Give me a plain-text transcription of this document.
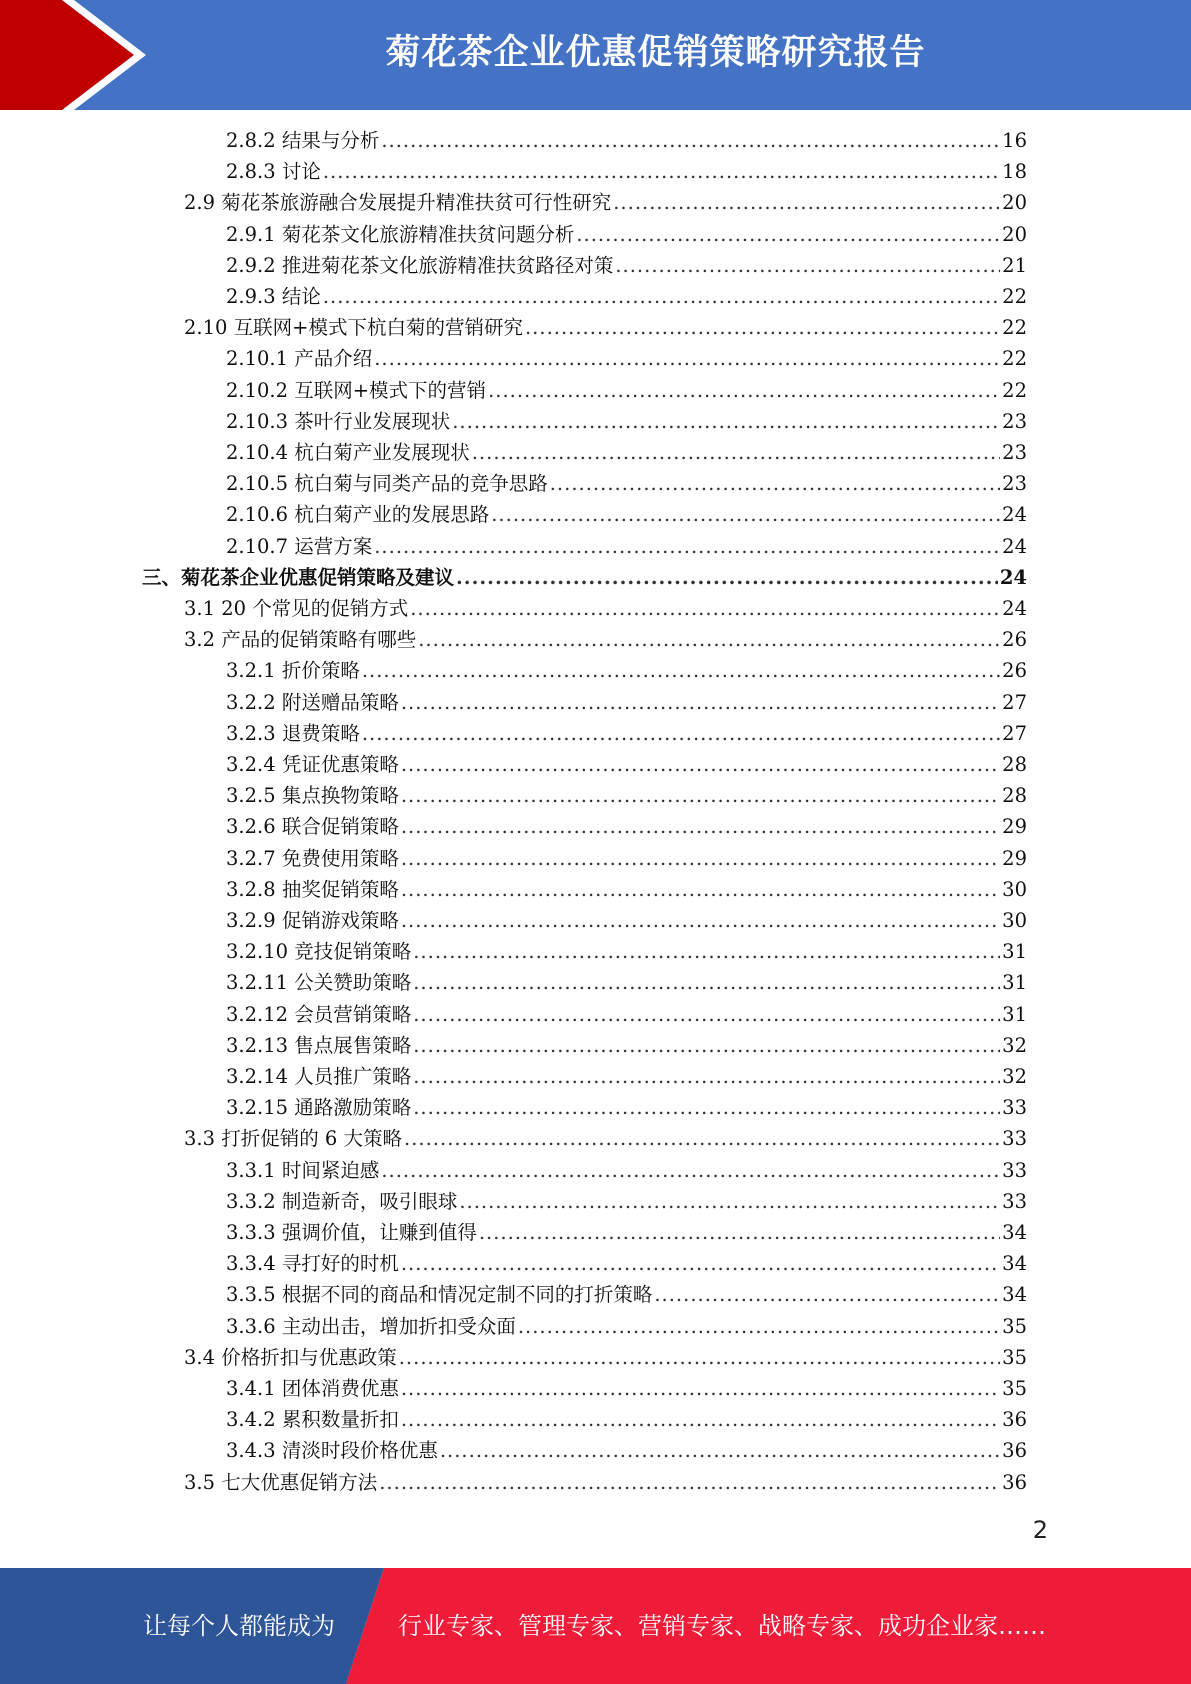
菊花茶企业优惠促销策略研究报告
2.8.2 结果与分析 .....	16
2.8.3 讨论 .....	18
2.9 菊花茶旅游融合发展提升精准扶贫可行性研究 .....	20
2.9.1 菊花茶文化旅游精准扶贫问题分析 .....	20
2.9.2 推进菊花茶文化旅游精准扶贫路径对策 .....	21
2.9.3 结论 .....	22
2.10 互联网+模式下杭白菊的营销研究 .....	22
2.10.1 产品介绍 .....	22
2.10.2 互联网+模式下的营销 .....	22
2.10.3 茶叶行业发展现状 .....	23
2.10.4 杭白菊产业发展现状 .....	23
2.10.5 杭白菊与同类产品的竞争思路 .....	23
2.10.6 杭白菊产业的发展思路 .....	24
2.10.7 运营方案 .....	24
三、菊花茶企业优惠促销策略及建议 .....	24
3.1 20 个常见的促销方式 .....	24
3.2 产品的促销策略有哪些 .....	26
3.2.1 折价策略 .....	26
3.2.2 附送赠品策略 .....	27
3.2.3 退费策略 .....	27
3.2.4 凭证优惠策略 .....	28
3.2.5 集点换物策略 .....	28
3.2.6 联合促销策略 .....	29
3.2.7 免费使用策略 .....	29
3.2.8 抽奖促销策略 .....	30
3.2.9 促销游戏策略 .....	30
3.2.10 竞技促销策略 .....	31
3.2.11 公关赞助策略 .....	31
3.2.12 会员营销策略 .....	31
3.2.13 售点展售策略 .....	32
3.2.14 人员推广策略 .....	32
3.2.15 通路激励策略 .....	33
3.3 打折促销的 6 大策略 .....	33
3.3.1 时间紧迫感 .....	33
3.3.2 制造新奇，吸引眼球 .....	33
3.3.3 强调价值，让赚到值得 .....	34
3.3.4 寻打好的时机 .....	34
3.3.5 根据不同的商品和情况定制不同的打折策略 .....	34
3.3.6 主动出击，增加折扣受众面 .....	35
3.4 价格折扣与优惠政策 .....	35
3.4.1 团体消费优惠 .....	35
3.4.2 累积数量折扣 .....	36
3.4.3 清淡时段价格优惠 .....	36
3.5 七大优惠促销方法 .....	36
2
让每个人都能成为	行业专家、管理专家、营销专家、战略专家、成功企业家……
